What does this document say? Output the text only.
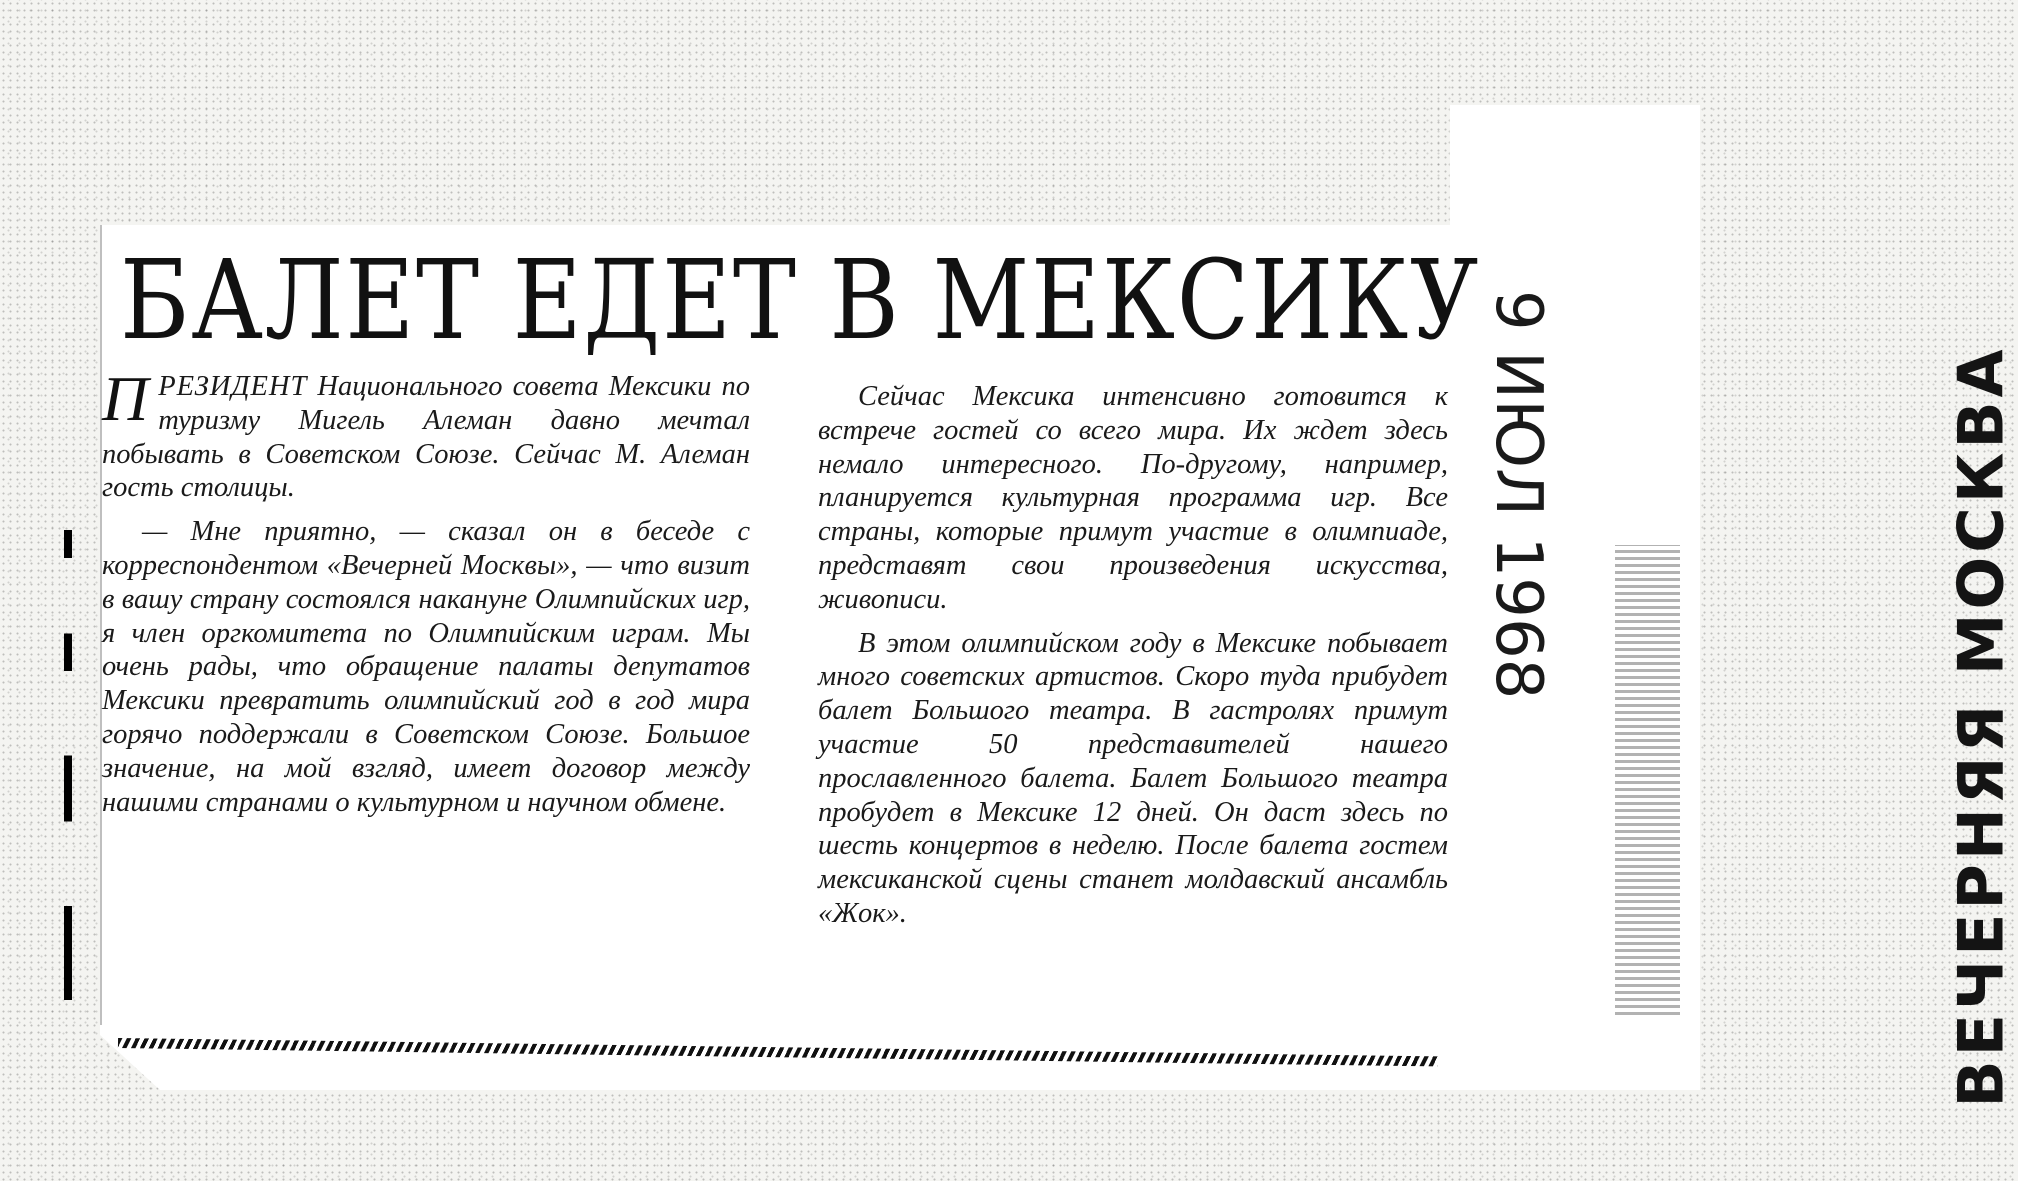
БАЛЕТ ЕДЕТ В МЕКСИКУ

ПРЕЗИДЕНТ Национального совета Мексики по туризму Мигель Алеман давно мечтал побывать в Советском Союзе. Сейчас М. Алеман гость столицы.

— Мне приятно, — сказал он в беседе с корреспондентом «Вечерней Москвы», — что визит в вашу страну состоялся накануне Олимпийских игр, я член оргкомитета по Олимпийским играм. Мы очень рады, что обращение палаты депутатов Мексики превратить олимпийский год в год мира горячо поддержали в Советском Союзе. Большое значение, на мой взгляд, имеет договор между нашими странами о культурном и научном обмене.

Сейчас Мексика интенсивно готовится к встрече гостей со всего мира. Их ждет здесь немало интересного. По-другому, например, планируется культурная программа игр. Все страны, которые примут участие в олимпиаде, представят свои произведения искусства, живописи.

В этом олимпийском году в Мексике побывает много советских артистов. Скоро туда прибудет балет Большого театра. В гастролях примут участие 50 представителей нашего прославленного балета. Балет Большого театра пробудет в Мексике 12 дней. Он даст здесь по шесть концертов в неделю. После балета гостем мексиканской сцены станет молдавский ансамбль «Жок».

9 ИЮЛ 1968	ВЕЧЕРНЯЯ МОСКВА
